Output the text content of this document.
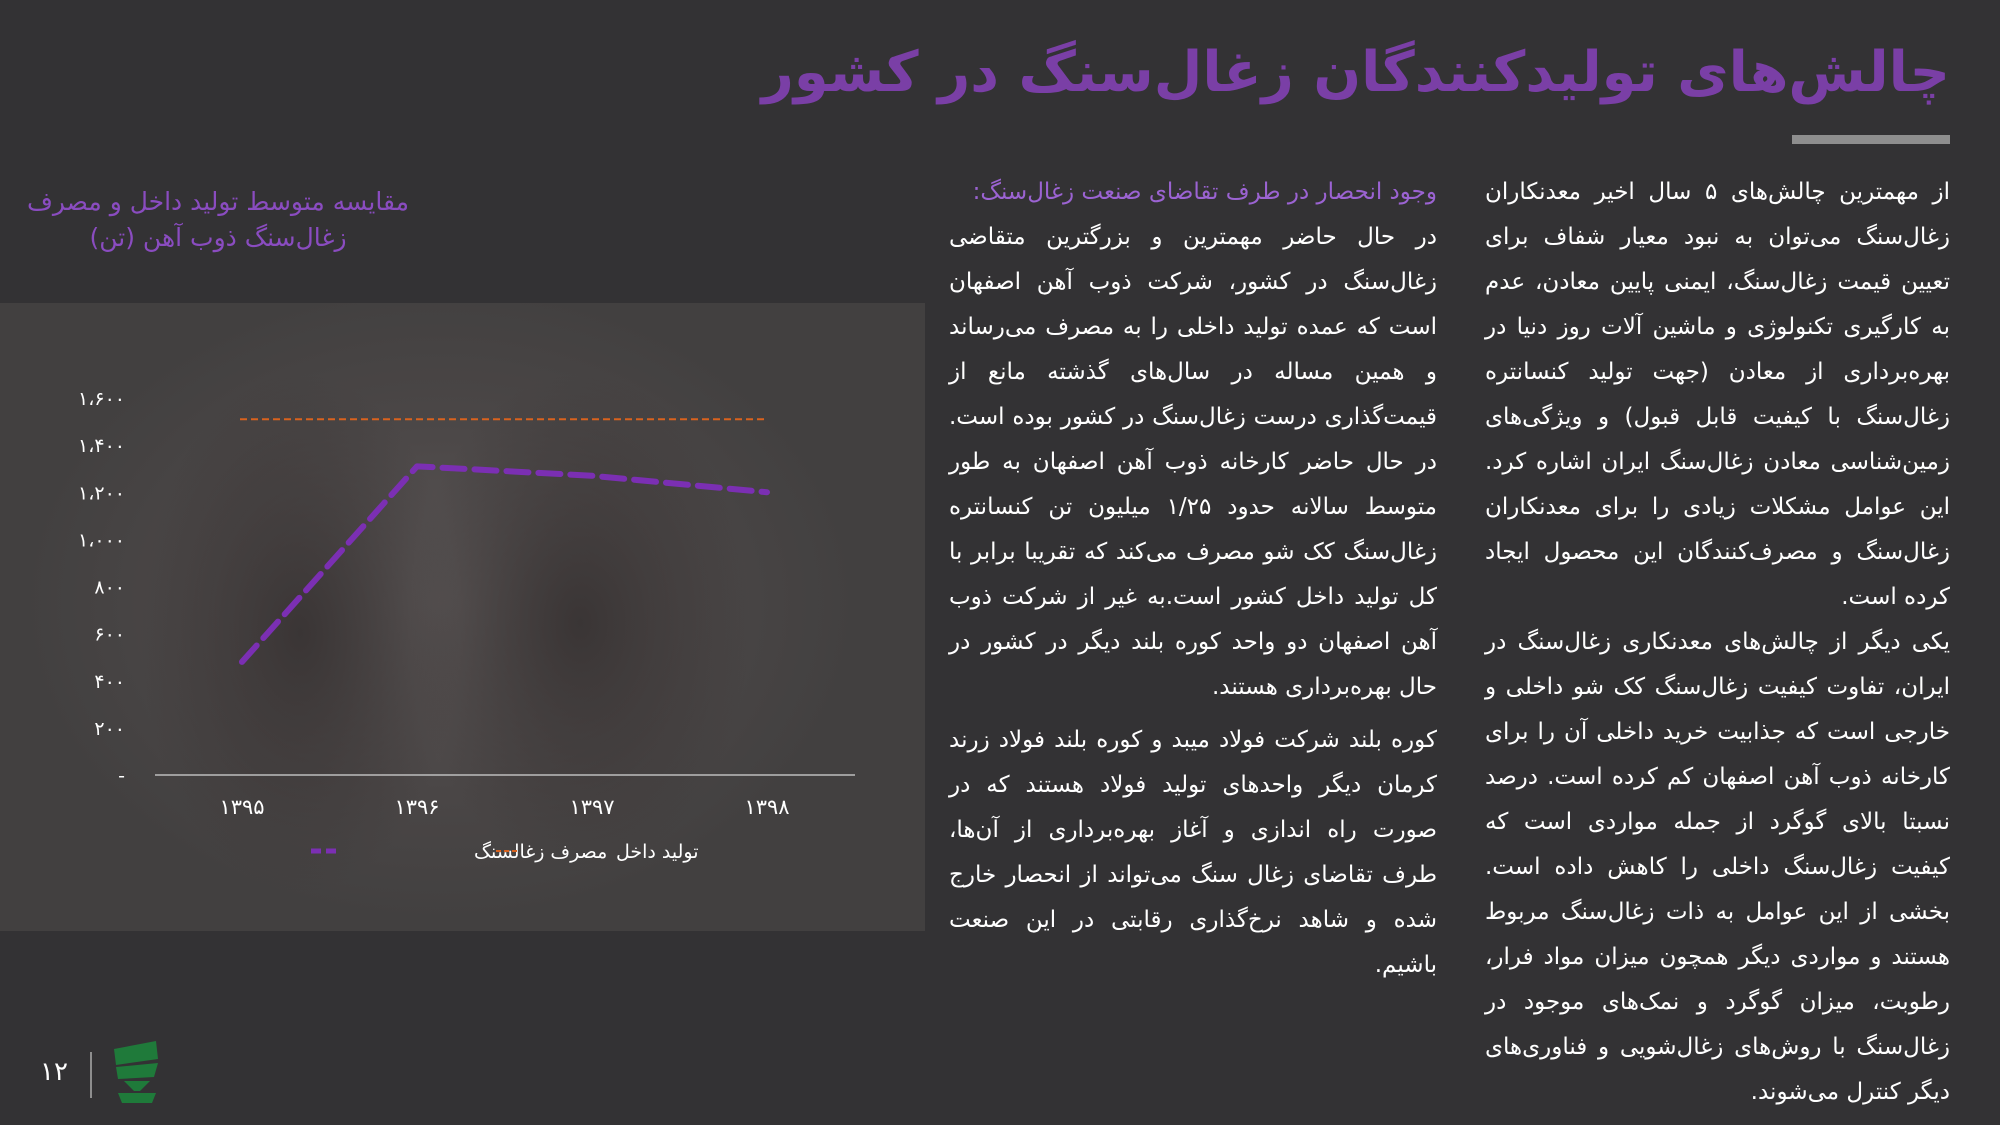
چالش‌های تولیدکنندگان زغال‌سنگ در کشور

از مهمترین چالش‌های ۵ سال اخیر معدنکاران زغال‌سنگ می‌توان به نبود معیار شفاف برای تعیین قیمت زغال‌سنگ، ایمنی پایین معادن، عدم به کارگیری تکنولوژی و ماشین آلات روز دنیا در بهره‌برداری از معادن (جهت تولید کنسانتره زغال‌سنگ با کیفیت قابل قبول) و ویژگی‌های زمین‌شناسی معادن زغال‌سنگ ایران اشاره کرد. این عوامل مشکلات زیادی را برای معدنکاران زغال‌سنگ و مصرف‌کنندگان این محصول ایجاد کرده است.

یکی دیگر از چالش‌های معدنکاری زغال‌سنگ در ایران، تفاوت کیفیت زغال‌سنگ کک شو داخلی و خارجی است که جذابیت خرید داخلی آن را برای کارخانه ذوب آهن اصفهان کم کرده است. درصد نسبتا بالای گوگرد از جمله مواردی است که کیفیت زغال‌سنگ داخلی را کاهش داده است. بخشی از این عوامل به ذات زغال‌سنگ مربوط هستند و مواردی دیگر همچون میزان مواد فرار، رطوبت، میزان گوگرد و نمک‌های موجود در زغال‌سنگ با روش‌های زغال‌شویی و فناوری‌های دیگر کنترل می‌شوند.

وجود انحصار در طرف تقاضای صنعت زغال‌سنگ:

در حال حاضر مهمترین و بزرگترین متقاضی زغال‌سنگ در کشور، شرکت ذوب آهن اصفهان است که عمده تولید داخلی را به مصرف می‌رساند و همین مساله در سال‌های گذشته مانع از قیمت‌گذاری درست زغال‌سنگ در کشور بوده است. در حال حاضر کارخانه ذوب آهن اصفهان به طور متوسط سالانه حدود ۱/۲۵ میلیون تن کنسانتره زغال‌سنگ کک شو مصرف می‌کند که تقریبا برابر با کل تولید داخل کشور است.به غیر از شرکت ذوب آهن اصفهان دو واحد کوره بلند دیگر در کشور در حال بهره‌برداری هستند.

کوره بلند شرکت فولاد میبد و کوره بلند فولاد زرند کرمان دیگر واحدهای تولید فولاد هستند که در صورت راه اندازی و آغاز بهره‌برداری از آن‌ها، طرف تقاضای زغال سنگ می‌تواند از انحصار خارج شده و شاهد نرخ‌گذاری رقابتی در این صنعت باشیم.

مقایسه متوسط تولید داخل و مصرف زغال‌سنگ ذوب آهن (تن)

-
۲۰۰
۴۰۰
۶۰۰
۸۰۰
۱،۰۰۰
۱،۲۰۰
۱،۴۰۰
۱،۶۰۰
۱۳۹۵	۱۳۹۶	۱۳۹۷	۱۳۹۸
مصرف زغالسنگ تولید داخل

۱۲
